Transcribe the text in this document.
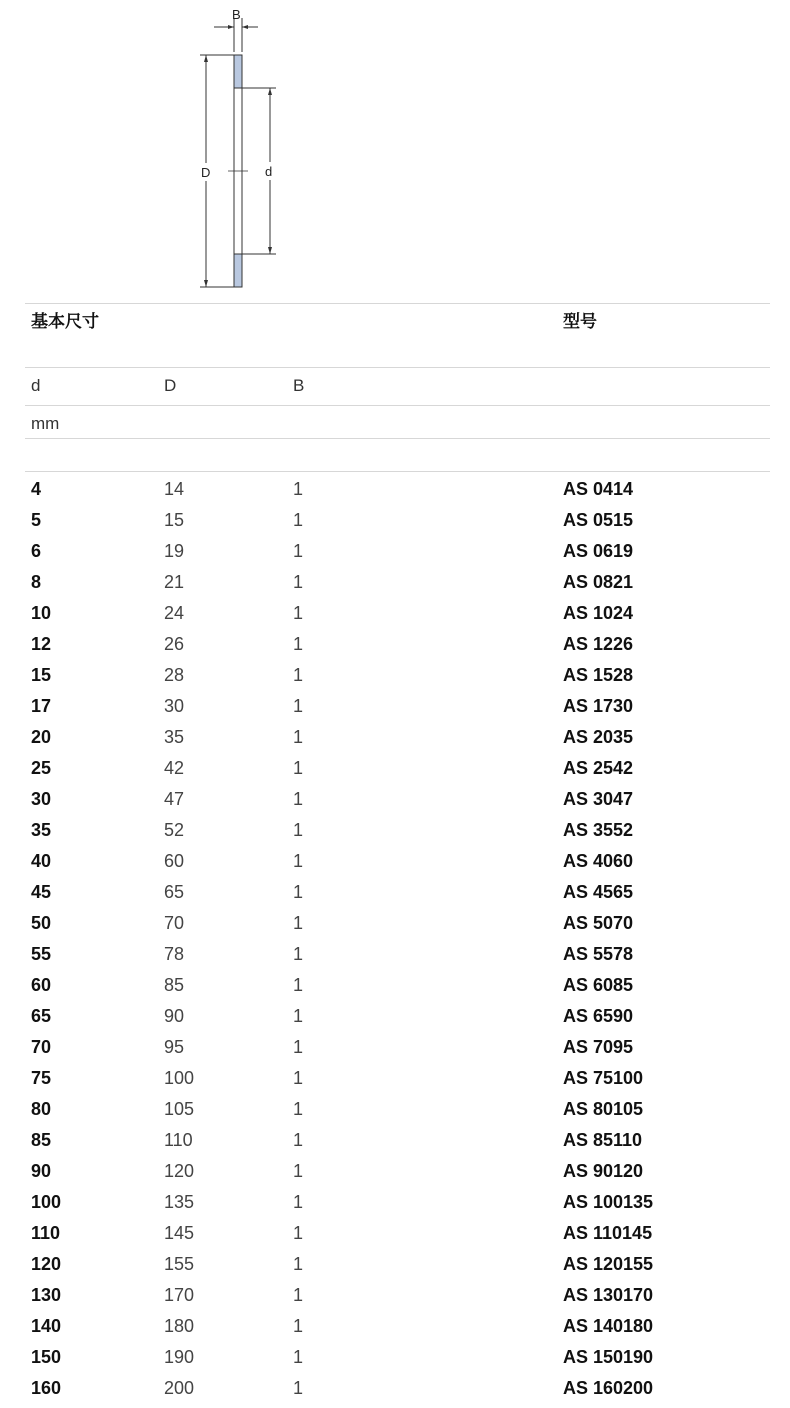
B
D	d
基本尺寸	型号
d	D	B
mm
4	14	1	AS 0414
5	15	1	AS 0515
6	19	1	AS 0619
8	21	1	AS 0821
10	24	1	AS 1024
12	26	1	AS 1226
15	28	1	AS 1528
17	30	1	AS 1730
20	35	1	AS 2035
25	42	1	AS 2542
30	47	1	AS 3047
35	52	1	AS 3552
40	60	1	AS 4060
45	65	1	AS 4565
50	70	1	AS 5070
55	78	1	AS 5578
60	85	1	AS 6085
65	90	1	AS 6590
70	95	1	AS 7095
75	100	1	AS 75100
80	105	1	AS 80105
85	110	1	AS 85110
90	120	1	AS 90120
100	135	1	AS 100135
110	145	1	AS 110145
120	155	1	AS 120155
130	170	1	AS 130170
140	180	1	AS 140180
150	190	1	AS 150190
160	200	1	AS 160200
